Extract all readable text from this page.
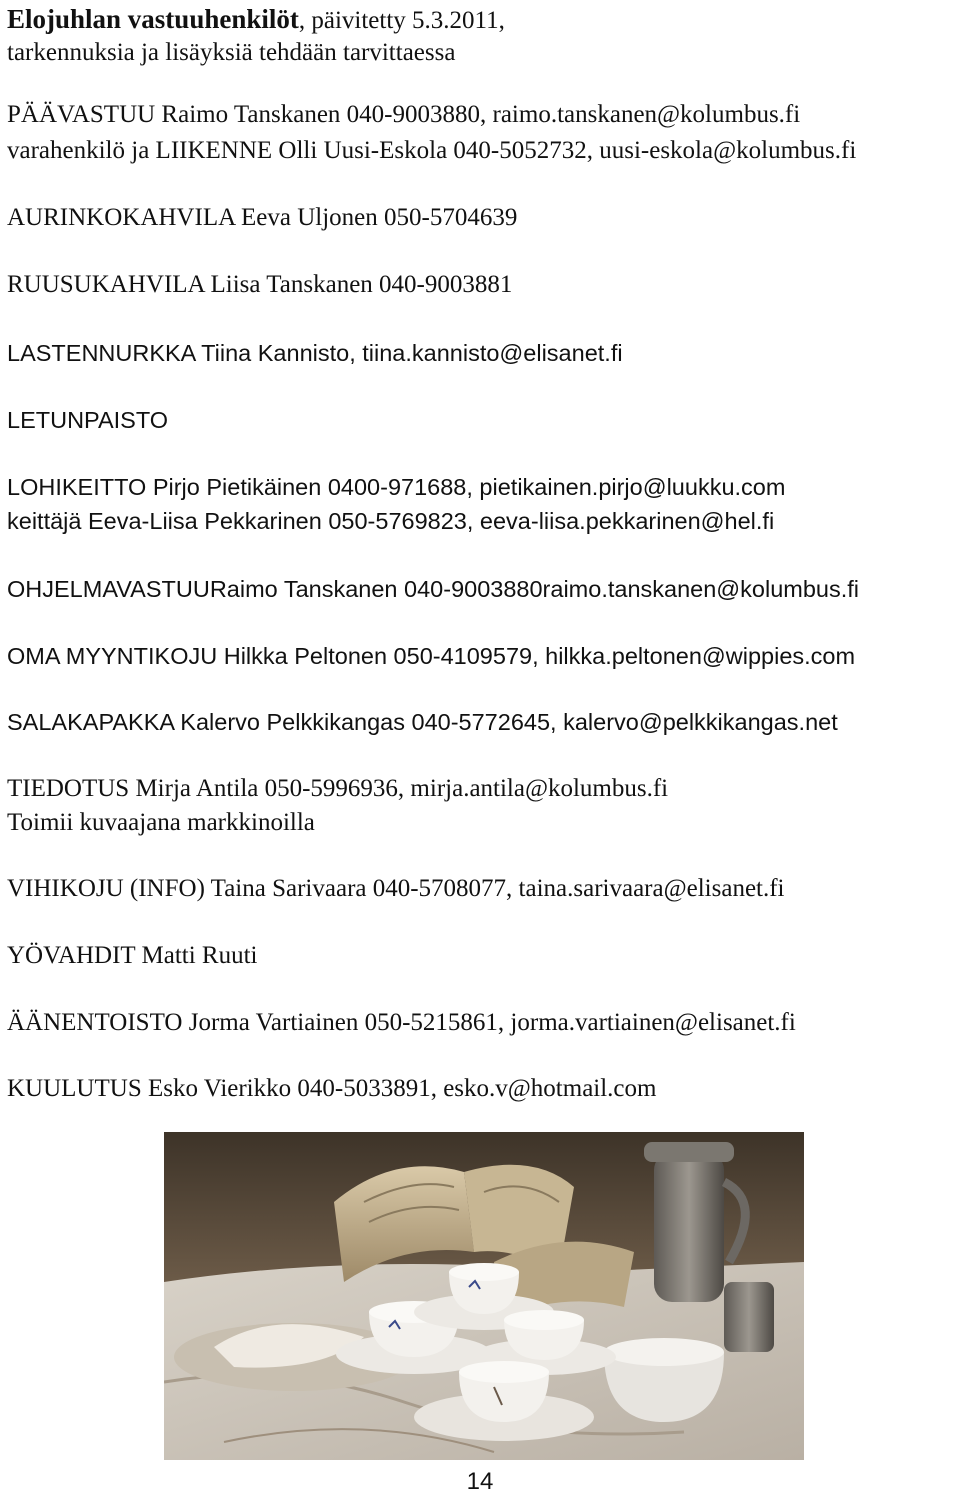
Elojuhlan vastuuhenkilöt, päivitetty 5.3.2011,
tarkennuksia ja lisäyksiä tehdään tarvittaessa
PÄÄVASTUU Raimo Tanskanen 040-9003880, raimo.tanskanen@kolumbus.fi
varahenkilö ja LIIKENNE Olli Uusi-Eskola 040-5052732, uusi-eskola@kolumbus.fi
AURINKOKAHVILA Eeva Uljonen 050-5704639
RUUSUKAHVILA Liisa Tanskanen 040-9003881
LASTENNURKKA Tiina Kannisto, tiina.kannisto@elisanet.fi
LETUNPAISTO
LOHIKEITTO Pirjo Pietikäinen 0400-971688, pietikainen.pirjo@luukku.com
keittäjä Eeva-Liisa Pekkarinen 050-5769823, eeva-liisa.pekkarinen@hel.fi
OHJELMAVASTUURaimo Tanskanen 040-9003880raimo.tanskanen@kolumbus.fi
OMA MYYNTIKOJU Hilkka Peltonen 050-4109579, hilkka.peltonen@wippies.com
SALAKAPAKKA Kalervo Pelkkikangas 040-5772645, kalervo@pelkkikangas.net
TIEDOTUS Mirja Antila 050-5996936, mirja.antila@kolumbus.fi
Toimii kuvaajana markkinoilla
VIHIKOJU (INFO) Taina Sarivaara 040-5708077, taina.sarivaara@elisanet.fi
YÖVAHDIT Matti Ruuti
ÄÄNENTOISTO Jorma Vartiainen 050-5215861, jorma.vartiainen@elisanet.fi
KUULUTUS Esko Vierikko 040-5033891, esko.v@hotmail.com
14
